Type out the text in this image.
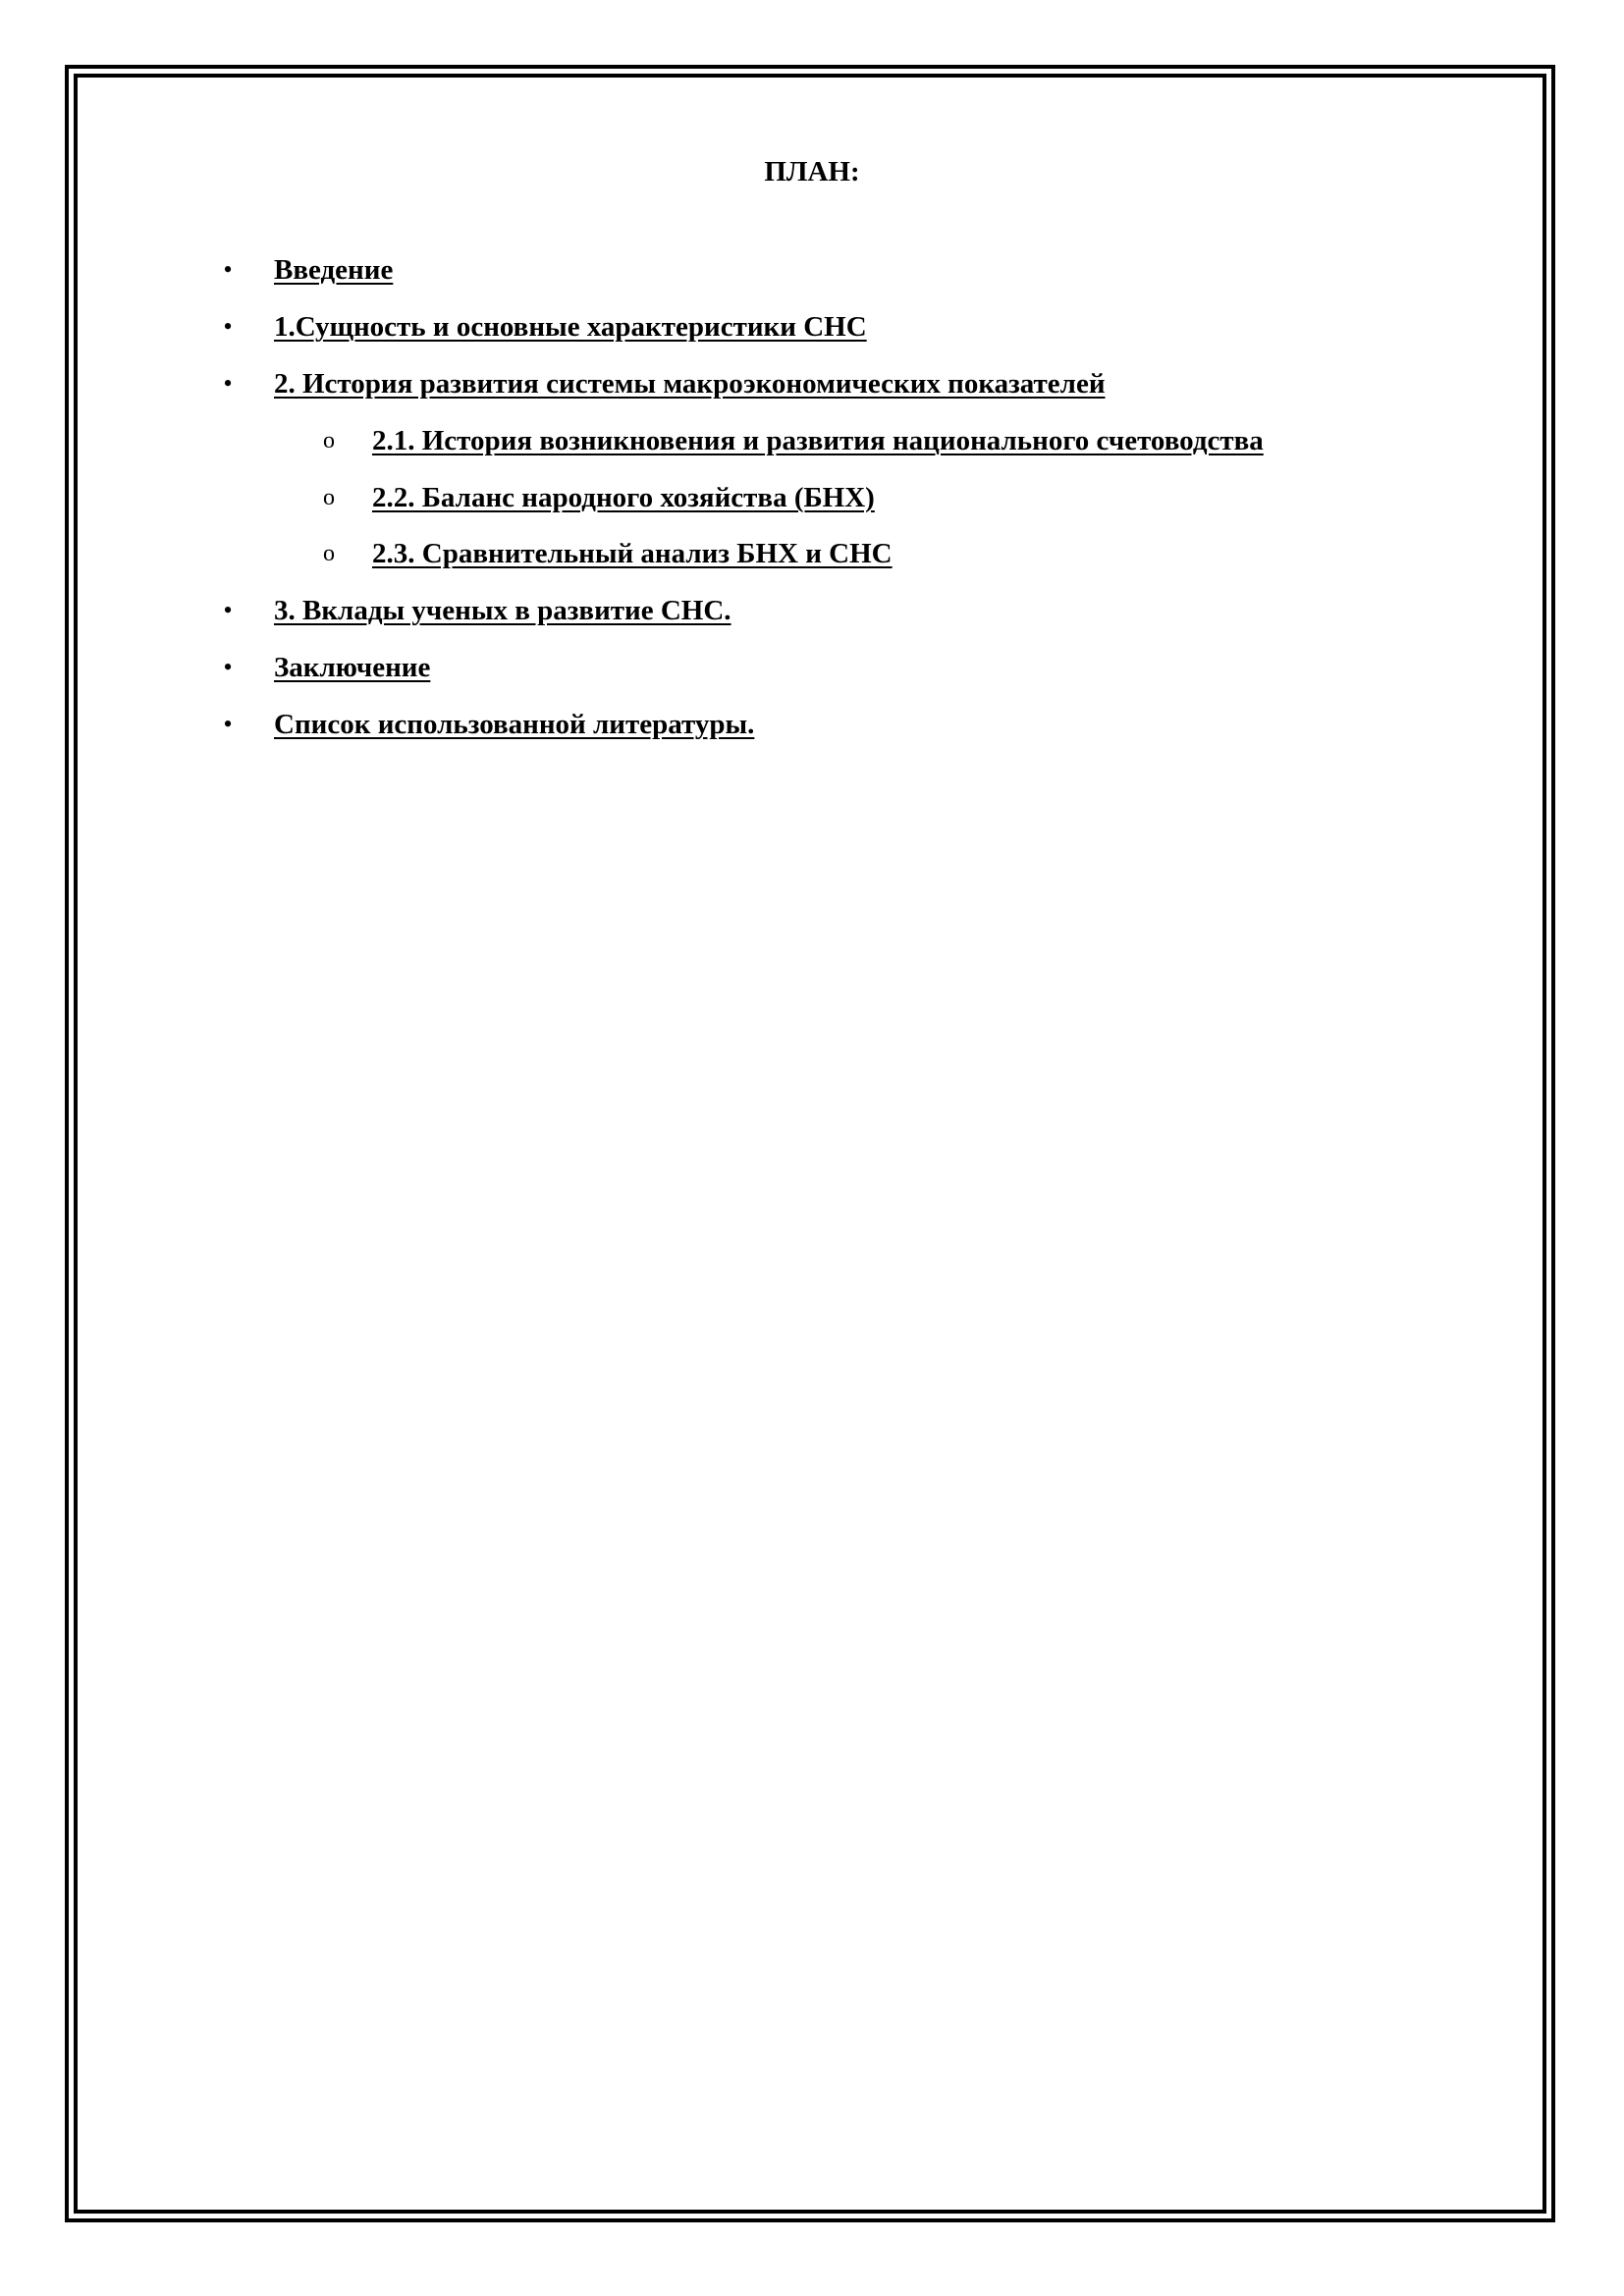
ПЛАН:
• Введение
• 1.Сущность и основные характеристики СНС
• 2. История развития системы макроэкономических показателей
o 2.1. История возникновения и развития национального счетоводства
o 2.2. Баланс народного хозяйства (БНХ)
o 2.3. Сравнительный анализ БНХ и СНС
• 3. Вклады ученых в развитие СНС.
• Заключение
• Список использованной литературы.
